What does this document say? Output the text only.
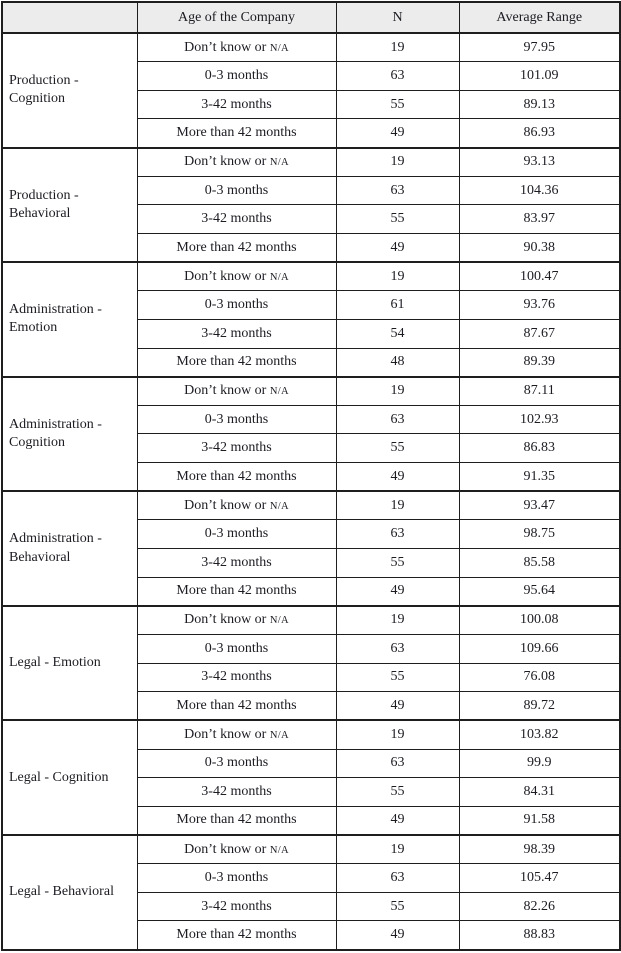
	Age of the Company	N	Average Range
Production - Cognition	Don’t know or N/A	19	97.95
	0-3 months	63	101.09
	3-42 months	55	89.13
	More than 42 months	49	86.93
Production - Behavioral	Don’t know or N/A	19	93.13
	0-3 months	63	104.36
	3-42 months	55	83.97
	More than 42 months	49	90.38
Administration - Emotion	Don’t know or N/A	19	100.47
	0-3 months	61	93.76
	3-42 months	54	87.67
	More than 42 months	48	89.39
Administration - Cognition	Don’t know or N/A	19	87.11
	0-3 months	63	102.93
	3-42 months	55	86.83
	More than 42 months	49	91.35
Administration - Behavioral	Don’t know or N/A	19	93.47
	0-3 months	63	98.75
	3-42 months	55	85.58
	More than 42 months	49	95.64
Legal - Emotion	Don’t know or N/A	19	100.08
	0-3 months	63	109.66
	3-42 months	55	76.08
	More than 42 months	49	89.72
Legal - Cognition	Don’t know or N/A	19	103.82
	0-3 months	63	99.9
	3-42 months	55	84.31
	More than 42 months	49	91.58
Legal - Behavioral	Don’t know or N/A	19	98.39
	0-3 months	63	105.47
	3-42 months	55	82.26
	More than 42 months	49	88.83
